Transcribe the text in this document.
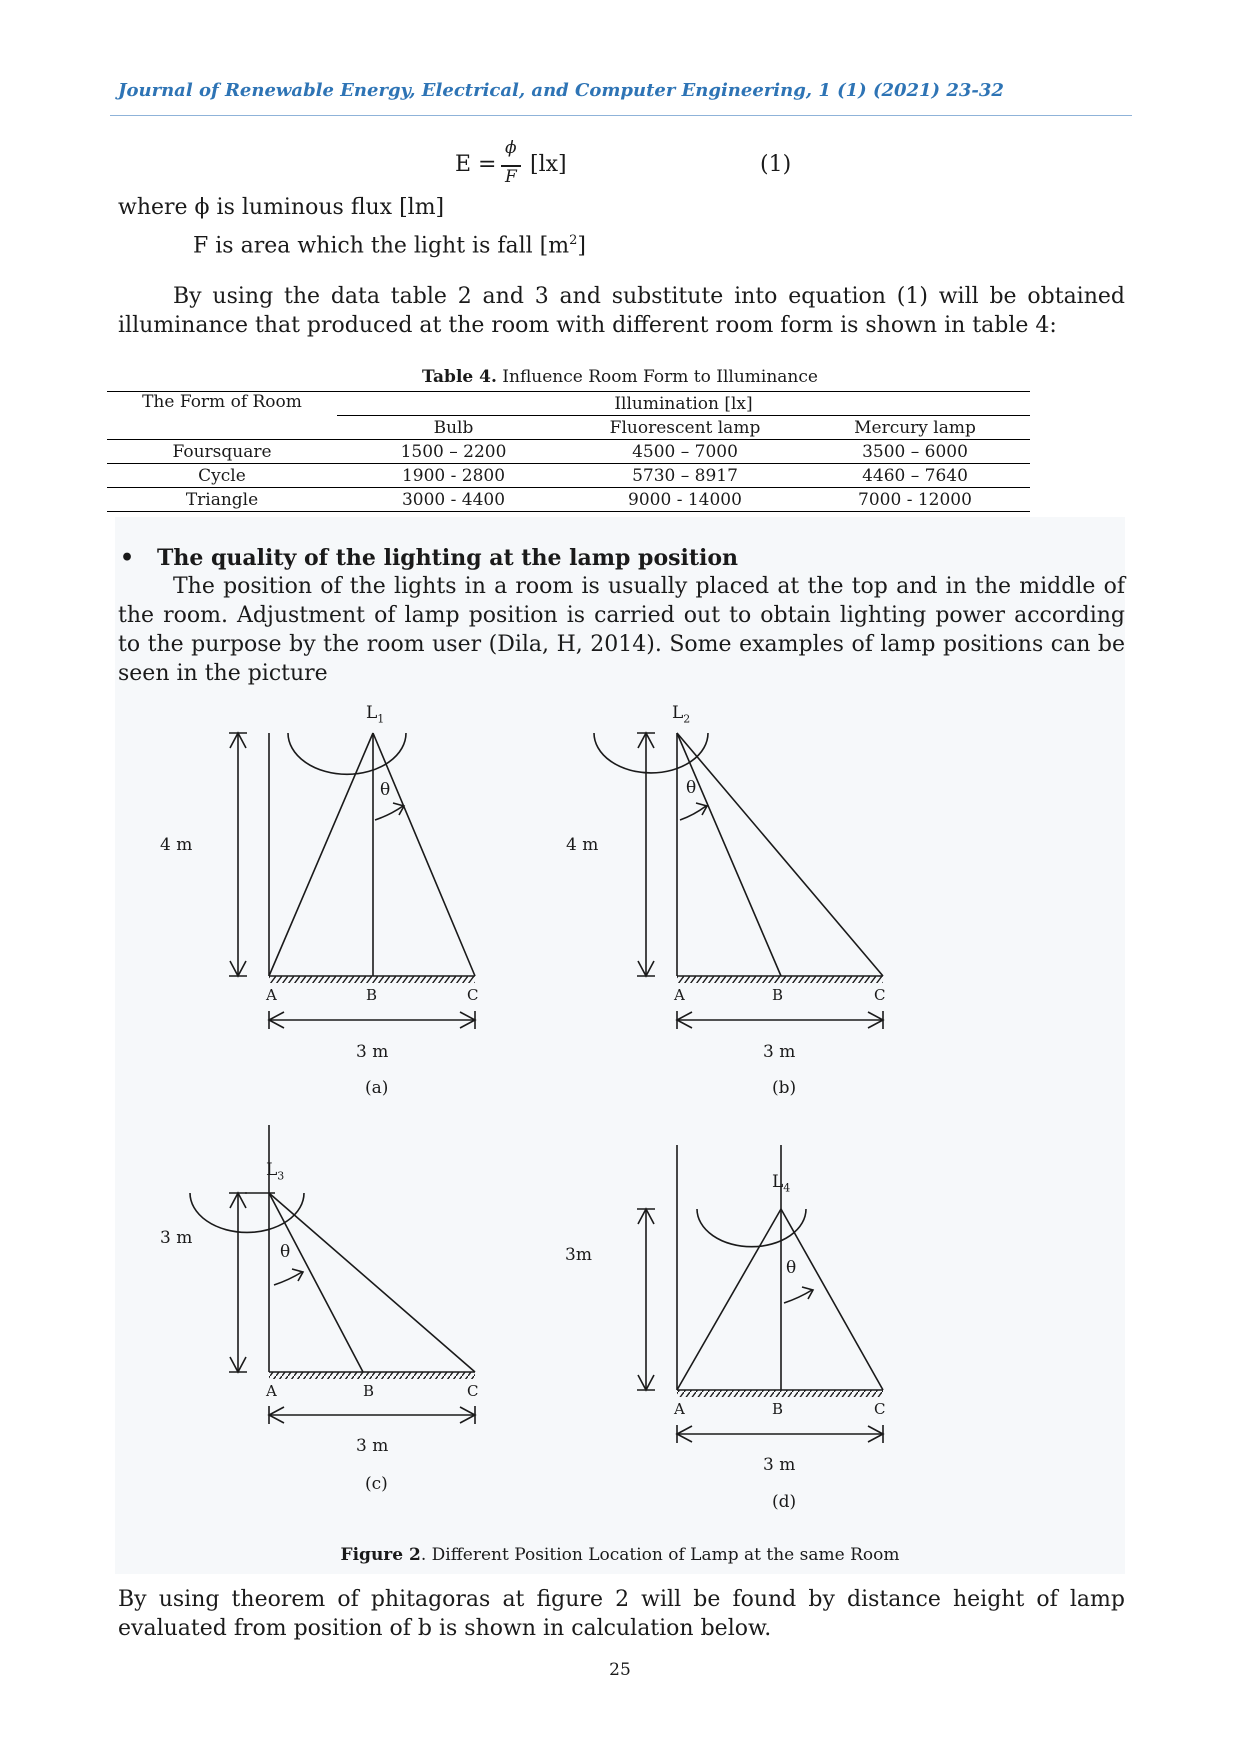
Journal of Renewable Energy, Electrical, and Computer Engineering, 1 (1) (2021) 23-32
E =
ϕ
F [lx]	(1)
where ϕ is luminous flux [lm]
F is area which the light is fall $[m^2]$
By using the data table 2 and 3 and substitute into equation (1) will be obtained illuminance that produced at the room with different room form is shown in table 4:
Table 4. Influence Room Form to Illuminance
The Form of Room	Illumination [lx]		
	Bulb	Fluorescent lamp	Mercury lamp
Foursquare	1500 – 2200	4500 – 7000	3500 – 6000
Cycle	1900 - 2800	5730 – 8917	4460 – 7640
Triangle	3000 - 4400	9000 - 14000	7000 - 12000
• The quality of the lighting at the lamp position
The position of the lights in a room is usually placed at the top and in the middle of the room. Adjustment of lamp position is carried out to obtain lighting power according to the purpose by the room user (Dila, H, 2014). Some examples of lamp positions can be seen in the picture
$L_1$
θ
4 m
A	B	C
3 m
(a)
$L_2$
θ
4 m
A	B	C
3 m
(b)
$L_3$
θ
3 m
A	B	C
3 m
(c)
$L_4$
θ
3m
A	B	C
3 m
(d)
Figure 2. Different Position Location of Lamp at the same Room
By using theorem of phitagoras at figure 2 will be found by distance height of lamp evaluated from position of b is shown in calculation below.
25
